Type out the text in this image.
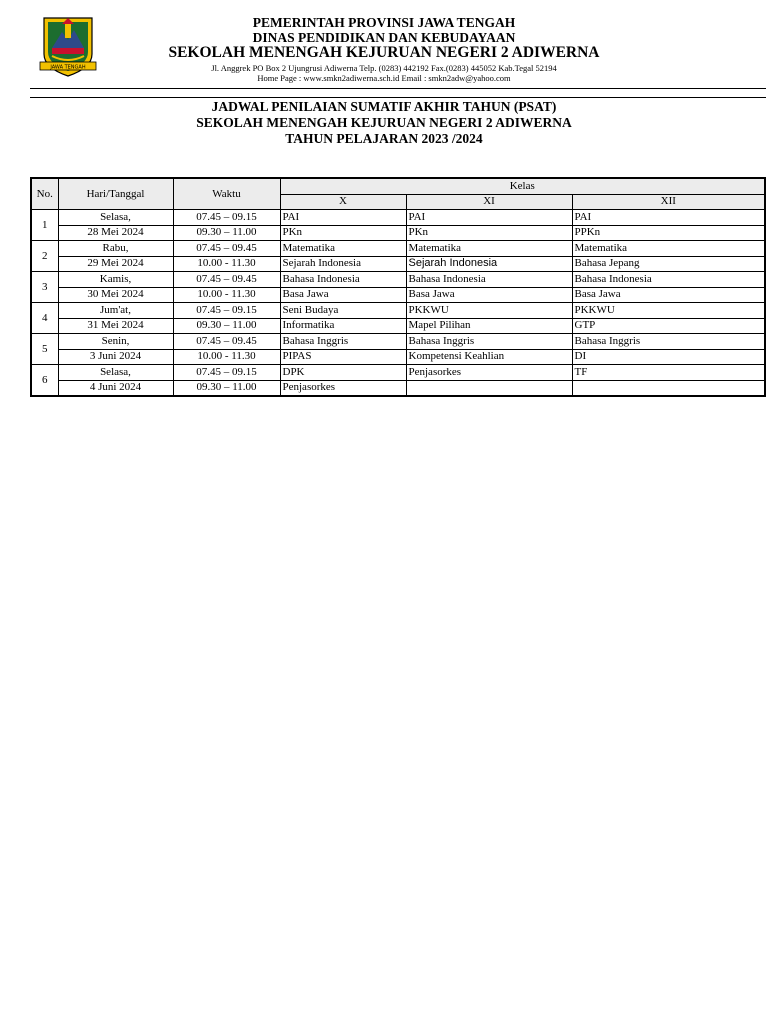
JAWA TENGAH
PEMERINTAH PROVINSI JAWA TENGAH
DINAS PENDIDIKAN DAN KEBUDAYAAN
SEKOLAH MENENGAH KEJURUAN NEGERI 2 ADIWERNA
Jl. Anggrek PO Box 2 Ujungrusi Adiwerna Telp. (0283) 442192 Fax.(0283) 445052 Kab.Tegal 52194
Home Page : www.smkn2adiwerna.sch.id Email : smkn2adw@yahoo.com
JADWAL PENILAIAN SUMATIF AKHIR TAHUN (PSAT)
SEKOLAH MENENGAH KEJURUAN NEGERI 2 ADIWERNA
TAHUN PELAJARAN 2023 /2024
No.	Hari/Tanggal	Waktu	Kelas		
			X	XI	XII
1	Selasa,	07.45 – 09.15	PAI	PAI	PAI
	28 Mei 2024	09.30 – 11.00	PKn	PKn	PPKn
2	Rabu,	07.45 – 09.45	Matematika	Matematika	Matematika
	29 Mei 2024	10.00 - 11.30	Sejarah Indonesia	Sejarah Indonesia	Bahasa Jepang
3	Kamis,	07.45 – 09.45	Bahasa Indonesia	Bahasa Indonesia	Bahasa Indonesia
	30 Mei 2024	10.00 - 11.30	Basa Jawa	Basa Jawa	Basa Jawa
4	Jum'at,	07.45 – 09.15	Seni Budaya	PKKWU	PKKWU
	31 Mei 2024	09.30 – 11.00	Informatika	Mapel Pilihan	GTP
5	Senin,	07.45 – 09.45	Bahasa Inggris	Bahasa Inggris	Bahasa Inggris
	3 Juni 2024	10.00 - 11.30	PIPAS	Kompetensi Keahlian	DI
6	Selasa,	07.45 – 09.15	DPK	Penjasorkes	TF
	4 Juni 2024	09.30 – 11.00	Penjasorkes		
